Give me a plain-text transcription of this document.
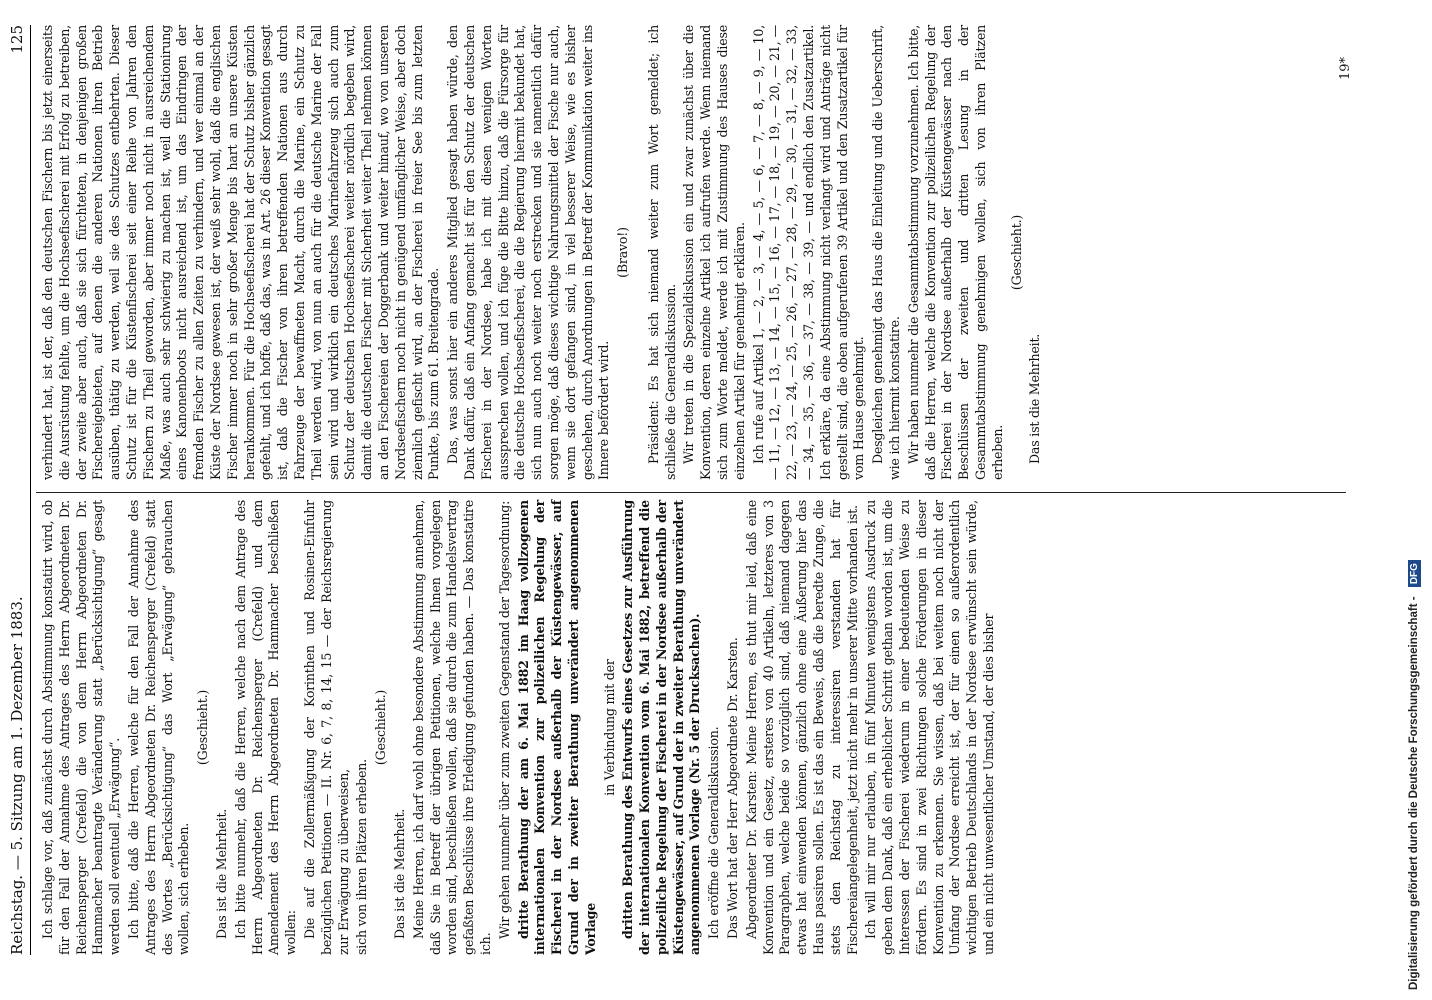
Reichstag. — 5. Sitzung am 1. Dezember 1883.
125

Ich schlage vor, daß zunächst durch Abstimmung konstatirt wird, ob für den Fall der Annahme des Antrages des Herrn Abgeordneten Dr. Reichensperger (Crefeld) die von dem Herrn Abgeordneten Dr. Hammacher beantragte Veränderung statt „Berücksichtigung“ gesagt werden soll eventuell „Erwägung“. Ich bitte, daß die Herren, welche für den Fall der Annahme des Antrages des Herrn Abgeordneten Dr. Reichensperger (Crefeld) statt des Wortes „Berücksichtigung“ das Wort „Erwägung“ gebrauchen wollen, sich erheben.

(Geschieht.)

Das ist die Mehrheit. Ich bitte nunmehr, daß die Herren, welche nach dem Antrage des Herrn Abgeordneten Dr. Reichensperger (Crefeld) und dem Amendement des Herrn Abgeordneten Dr. Hammacher beschließen wollen: Die auf die Zollermäßigung der Korinthen und Rosinen-Einfuhr bezüglichen Petitionen — II. Nr. 6, 7, 8, 14, 15 — der Reichsregierung zur Erwägung zu überweisen, sich von ihren Plätzen erheben.

(Geschieht.)

Das ist die Mehrheit. Meine Herren, ich darf wohl ohne besondere Abstimmung annehmen, daß Sie in Betreff der übrigen Petitionen, welche Ihnen vorgelegen worden sind, beschließen wollen, daß sie durch die zum Handelsvertrag gefaßten Beschlüsse ihre Erledigung gefunden haben. — Das konstatire ich.

Wir gehen nunmehr über zum zweiten Gegenstand der Tagesordnung: dritte Berathung der am 6. Mai 1882 im Haag vollzogenen internationalen Konvention zur polizeilichen Regelung der Fischerei in der Nordsee außerhalb der Küstengewässer, auf Grund der in zweiter Berathung unverändert angenommenen Vorlage

in Verbindung mit der dritten Berathung des Entwurfs eines Gesetzes zur Ausführung der internationalen Konvention vom 6. Mai 1882, betreffend die polizeiliche Regelung der Fischerei in der Nordsee außerhalb der Küstengewässer, auf Grund der in zweiter Berathung unverändert angenommenen Vorlage (Nr. 5 der Drucksachen). Ich eröffne die Generaldiskussion. Das Wort hat der Herr Abgeordnete Dr. Karsten. Abgeordneter Dr. Karsten: Meine Herren, es thut mir leid, daß eine Konvention und ein Gesetz, ersteres von 40 Artikeln, letzteres von 3 Paragraphen, welche beide so vorzüglich sind, daß niemand dagegen etwas hat einwenden können, gänzlich ohne eine Äußerung hier das Haus passiren sollen. Es ist das ein Beweis, daß die beredte Zunge, die stets den Reichstag zu interessiren verstanden hat für Fischereiangelegenheit, jetzt nicht mehr in unserer Mitte vorhanden ist. Ich will mir nur erlauben, in fünf Minuten wenigstens Ausdruck zu geben dem Dank, daß ein erheblicher Schritt gethan worden ist, um die Interessen der Fischerei wiederum in einer bedeutenden Weise zu fördern. Es sind in zwei Richtungen solche Förderungen in dieser Konvention zu erkennen. Sie wissen, daß bei weitem noch nicht der Umfang der Nordsee erreicht ist, der für einen so außerordentlich wichtigen Betrieb Deutschlands in der Nordsee erwünscht sein würde, und ein nicht unwesentlicher Umstand, der dies bisher

verhindert hat, ist der, daß den deutschen Fischern bis jetzt einerseits die Ausrüstung fehlte, um die Hochseefischerei mit Erfolg zu betreiben, der zweite aber auch, daß sie sich fürchteten, in denjenigen großen Fischereigebieten, auf denen die anderen Nationen ihren Betrieb ausüben, thätig zu werden, weil sie des Schutzes entbehrten. Dieser Schutz ist für die Küstenfischerei seit einer Reihe von Jahren den Fischern zu Theil geworden, aber immer noch nicht in ausreichendem Maße, was auch sehr schwierig zu machen ist, weil die Stationirung eines Kanonenboots nicht ausreichend ist, um das Eindringen der fremden Fischer zu allen Zeiten zu verhindern, und wer einmal an der Küste der Nordsee gewesen ist, der weiß sehr wohl, daß die englischen Fischer immer noch in sehr großer Menge bis hart an unsere Küsten herankommen. Für die Hochseefischerei hat der Schutz bisher gänzlich gefehlt, und ich hoffe, daß das, was in Art. 26 dieser Konvention gesagt ist, daß die Fischer von ihren betreffenden Nationen aus durch Fahrzeuge der bewaffneten Macht, durch die Marine, ein Schutz zu Theil werden wird, von nun an auch für die deutsche Marine der Fall sein wird und wirklich ein deutsches Marinefahrzeug sich auch zum Schutz der deutschen Hochseefischerei weiter nördlich begeben wird, damit die deutschen Fischer mit Sicherheit weiter Theil nehmen können an den Fischereien der Doggerbank und weiter hinauf, wo von unseren Nordseefischern noch nicht in genügend umfänglicher Weise, aber doch ziemlich gefischt wird, an der Fischerei in freier See bis zum letzten Punkte, bis zum 61. Breitengrade. Das, was sonst hier ein anderes Mitglied gesagt haben würde, den Dank dafür, daß ein Anfang gemacht ist für den Schutz der deutschen Fischerei in der Nordsee, habe ich mit diesen wenigen Worten aussprechen wollen, und ich füge die Bitte hinzu, daß die Fürsorge für die deutsche Hochseefischerei, die die Regierung hiermit bekundet hat, sich nun auch noch weiter noch erstrecken und sie namentlich dafür sorgen möge, daß dieses wichtige Nahrungsmittel der Fische nur auch, wenn sie dort gefangen sind, in viel besserer Weise, wie es bisher geschehen, durch Anordnungen in Betreff der Kommunikation weiter ins Innere befördert wird.

(Bravo!) Präsident: Es hat sich niemand weiter zum Wort gemeldet; ich schließe die Generaldiskussion. Wir treten in die Spezialdiskussion ein und zwar zunächst über die Konvention, deren einzelne Artikel ich aufrufen werde. Wenn niemand sich zum Worte meldet, werde ich mit Zustimmung des Hauses diese einzelnen Artikel für genehmigt erklären. Ich rufe auf Artikel 1, — 2, — 3, — 4, — 5, — 6, — 7, — 8, — 9, — 10, — 11, — 12, — 13, — 14, — 15, — 16, — 17, — 18, — 19, — 20, — 21, — 22, — 23, — 24, — 25, — 26, — 27, — 28, — 29, — 30, — 31, — 32, — 33, — 34, — 35, — 36, — 37, — 38, — 39, — und endlich den Zusatzartikel. Ich erkläre, da eine Abstimmung nicht verlangt wird und Anträge nicht gestellt sind, die oben aufgerufenen 39 Artikel und den Zusatzartikel für vom Hause genehmigt. Desgleichen genehmigt das Haus die Einleitung und die Ueberschrift, wie ich hiermit konstatire. Wir haben nunmehr die Gesammtabstimmung vorzunehmen. Ich bitte, daß die Herren, welche die Konvention zur polizeilichen Regelung der Fischerei in der Nordsee außerhalb der Küstengewässer nach den Beschlüssen der zweiten und dritten Lesung in der Gesammtabstimmung genehmigen wollen, sich von ihren Plätzen erheben.

(Geschieht.)

Das ist die Mehrheit.

19*
Digitalisierung gefördert durch die Deutsche Forschungsgemeinschaft - DFG
